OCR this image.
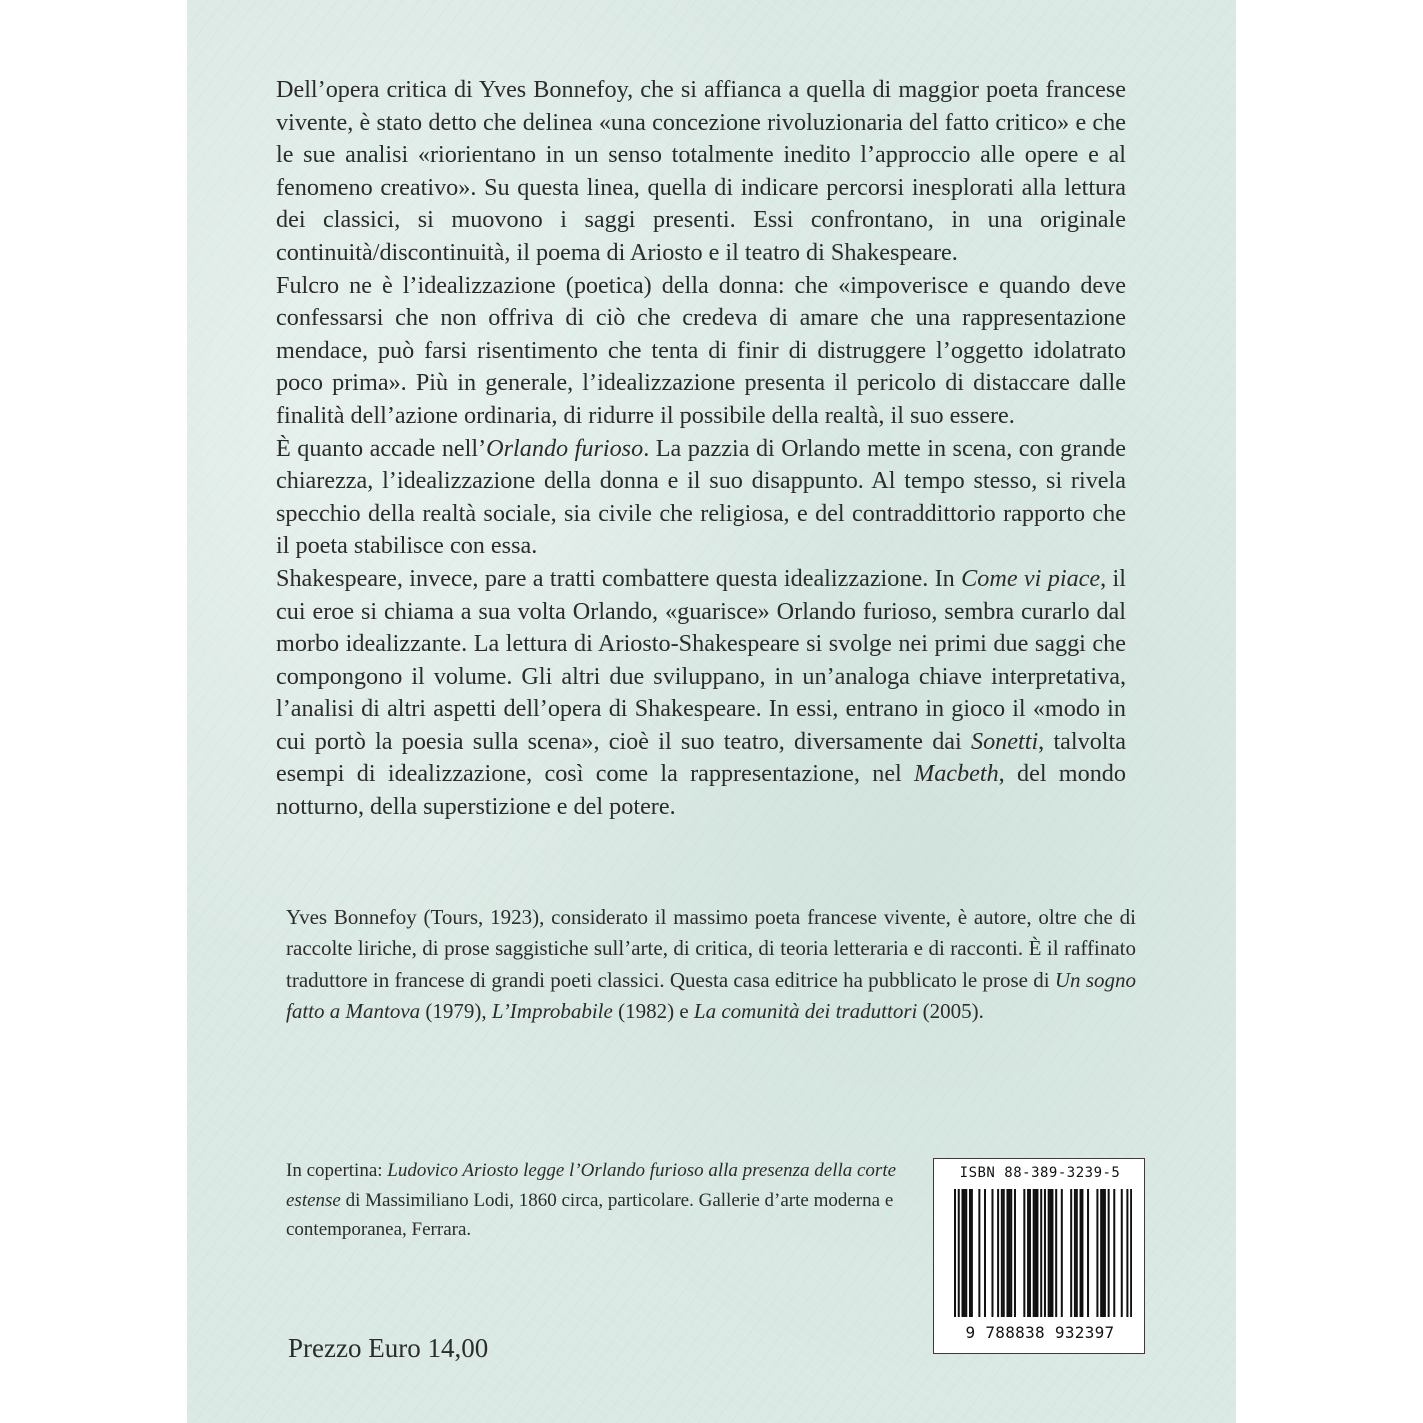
Dell’opera critica di Yves Bonnefoy, che si affianca a quella di maggior poeta francese vivente, è stato detto che delinea «una concezione rivoluzionaria del fatto critico» e che le sue analisi «riorientano in un senso totalmente inedito l’approccio alle opere e al fenomeno creativo». Su questa linea, quella di indicare percorsi inesplorati alla lettura dei classici, si muovono i saggi presenti. Essi confrontano, in una originale continuità/discontinuità, il poema di Ariosto e il teatro di Shakespeare.

Fulcro ne è l’idealizzazione (poetica) della donna: che «impoverisce e quando deve confessarsi che non offriva di ciò che credeva di amare che una rappresentazione mendace, può farsi risentimento che tenta di finir di distruggere l’oggetto idolatrato poco prima». Più in generale, l’idealizzazione presenta il pericolo di distaccare dalle finalità dell’azione ordinaria, di ridurre il possibile della realtà, il suo essere.

È quanto accade nell’Orlando furioso. La pazzia di Orlando mette in scena, con grande chiarezza, l’idealizzazione della donna e il suo disappunto. Al tempo stesso, si rivela specchio della realtà sociale, sia civile che religiosa, e del contraddittorio rapporto che il poeta stabilisce con essa.

Shakespeare, invece, pare a tratti combattere questa idealizzazione. In Come vi piace, il cui eroe si chiama a sua volta Orlando, «guarisce» Orlando furioso, sembra curarlo dal morbo idealizzante. La lettura di Ariosto-Shakespeare si svolge nei primi due saggi che compongono il volume. Gli altri due sviluppano, in un’analoga chiave interpretativa, l’analisi di altri aspetti dell’opera di Shakespeare. In essi, entrano in gioco il «modo in cui portò la poesia sulla scena», cioè il suo teatro, diversamente dai Sonetti, talvolta esempi di idealizzazione, così come la rappresentazione, nel Macbeth, del mondo notturno, della superstizione e del potere.

Yves Bonnefoy (Tours, 1923), considerato il massimo poeta francese vivente, è autore, oltre che di raccolte liriche, di prose saggistiche sull’arte, di critica, di teoria letteraria e di racconti. È il raffinato traduttore in francese di grandi poeti classici. Questa casa editrice ha pubblicato le prose di Un sogno fatto a Mantova (1979), L’Improbabile (1982) e La comunità dei traduttori (2005).

In copertina: Ludovico Ariosto legge l’Orlando furioso alla presenza della corte estense di Massimiliano Lodi, 1860 circa, particolare. Gallerie d’arte moderna e contemporanea, Ferrara.

Prezzo Euro 14,00
ISBN 88-389-3239-5
9 788838 932397
